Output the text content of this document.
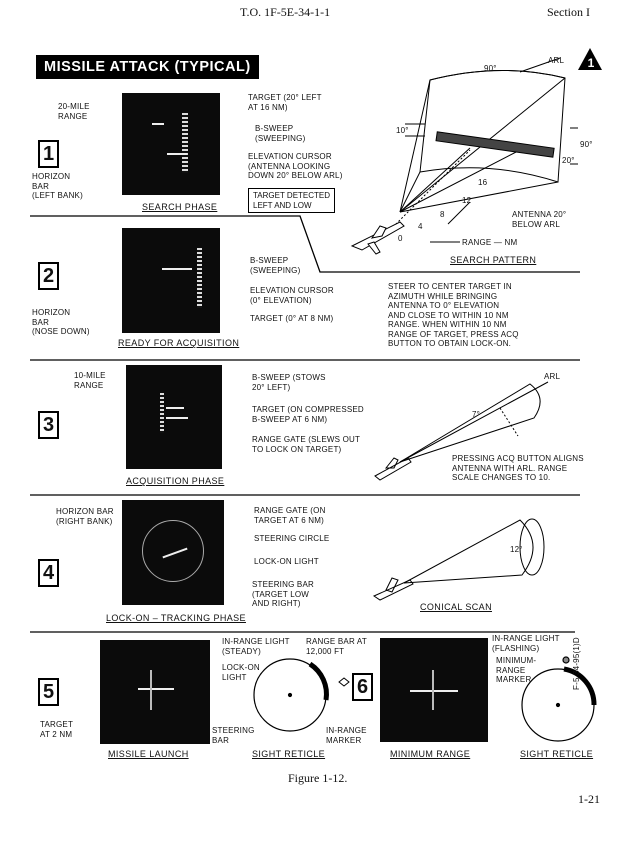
T.O. 1F-5E-34-1-1	Section I
MISSILE ATTACK (TYPICAL)	1
1
2
3
4
5	6
20-MILE
RANGE
TARGET (20° LEFT
AT 16 NM)
B-SWEEP
(SWEEPING)
ELEVATION CURSOR
(ANTENNA LOOKING
DOWN 20° BELOW ARL)
HORIZON
BAR
(LEFT BANK)	TARGET DETECTED
LEFT AND LOW
SEARCH PHASE
90°
ARL
10°
90°
20°
16
12
8
4
0
ANTENNA 20°
BELOW ARL
RANGE — NM
SEARCH PATTERN
B-SWEEP
(SWEEPING)
ELEVATION CURSOR
(0° ELEVATION)
TARGET (0° AT 8 NM)
HORIZON
BAR
(NOSE DOWN)
STEER TO CENTER TARGET IN
AZIMUTH WHILE BRINGING
ANTENNA TO 0° ELEVATION
AND CLOSE TO WITHIN 10 NM
RANGE. WHEN WITHIN 10 NM
RANGE OF TARGET, PRESS ACQ
BUTTON TO OBTAIN LOCK-ON.
READY FOR ACQUISITION
10-MILE
RANGE
B-SWEEP (STOWS
20° LEFT)
TARGET (ON COMPRESSED
B-SWEEP AT 6 NM)
RANGE GATE (SLEWS OUT
TO LOCK ON TARGET)
ARL
7°
PRESSING ACQ BUTTON ALIGNS
ANTENNA WITH ARL. RANGE
SCALE CHANGES TO 10.
ACQUISITION PHASE
HORIZON BAR
(RIGHT BANK)
RANGE GATE (ON
TARGET AT 6 NM)
STEERING CIRCLE
LOCK-ON LIGHT
STEERING BAR
(TARGET LOW
AND RIGHT)
12°
CONICAL SCAN
LOCK-ON – TRACKING PHASE
IN-RANGE LIGHT
(STEADY)
RANGE BAR AT
12,000 FT
LOCK-ON
LIGHT
TARGET
AT 2 NM	STEERING
BAR
IN-RANGE
MARKER
MISSILE LAUNCH	SIGHT RETICLE
IN-RANGE LIGHT
(FLASHING)
MINIMUM-
RANGE
MARKER
MINIMUM RANGE	SIGHT RETICLE
F-5 34-95(1)D
Figure 1-12.
1-21
